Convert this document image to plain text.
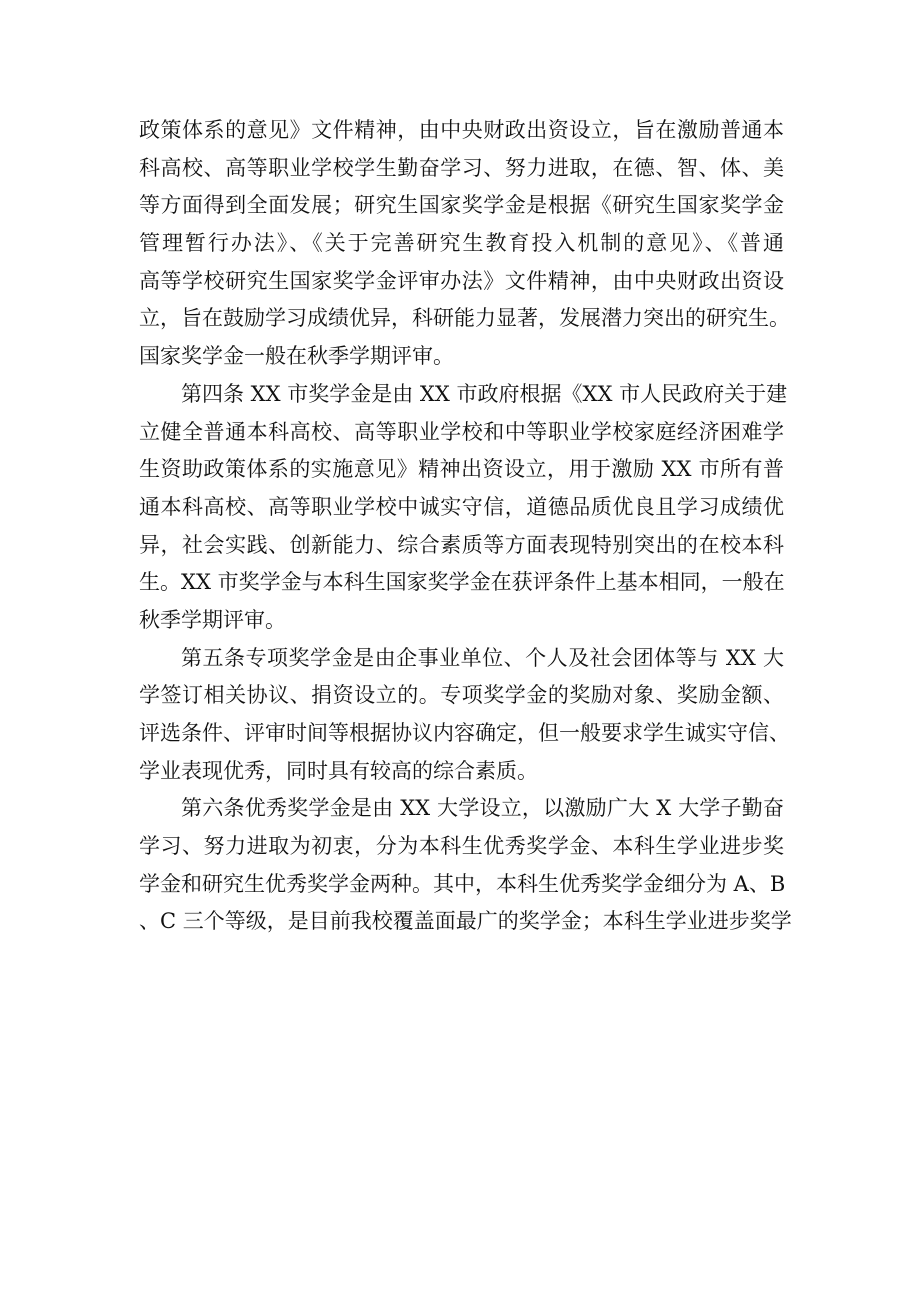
政策体系的意见》文件精神，由中央财政出资设立，旨在激励普通本
科高校、高等职业学校学生勤奋学习、努力进取，在德、智、体、美
等方面得到全面发展；研究生国家奖学金是根据《研究生国家奖学金
管理暂行办法》、《关于完善研究生教育投入机制的意见》、《普通
高等学校研究生国家奖学金评审办法》文件精神，由中央财政出资设
立，旨在鼓励学习成绩优异，科研能力显著，发展潜力突出的研究生。
国家奖学金一般在秋季学期评审。
第四条 XX 市奖学金是由 XX 市政府根据《XX 市人民政府关于建
立健全普通本科高校、高等职业学校和中等职业学校家庭经济困难学
生资助政策体系的实施意见》精神出资设立，用于激励 XX 市所有普
通本科高校、高等职业学校中诚实守信，道德品质优良且学习成绩优
异，社会实践、创新能力、综合素质等方面表现特别突出的在校本科
生。XX 市奖学金与本科生国家奖学金在获评条件上基本相同，一般在
秋季学期评审。
第五条专项奖学金是由企事业单位、个人及社会团体等与 XX 大
学签订相关协议、捐资设立的。专项奖学金的奖励对象、奖励金额、
评选条件、评审时间等根据协议内容确定，但一般要求学生诚实守信、
学业表现优秀，同时具有较高的综合素质。
第六条优秀奖学金是由 XX 大学设立，以激励广大 X 大学子勤奋
学习、努力进取为初衷，分为本科生优秀奖学金、本科生学业进步奖
学金和研究生优秀奖学金两种。其中，本科生优秀奖学金细分为 A、B
、C 三个等级，是目前我校覆盖面最广的奖学金；本科生学业进步奖学
